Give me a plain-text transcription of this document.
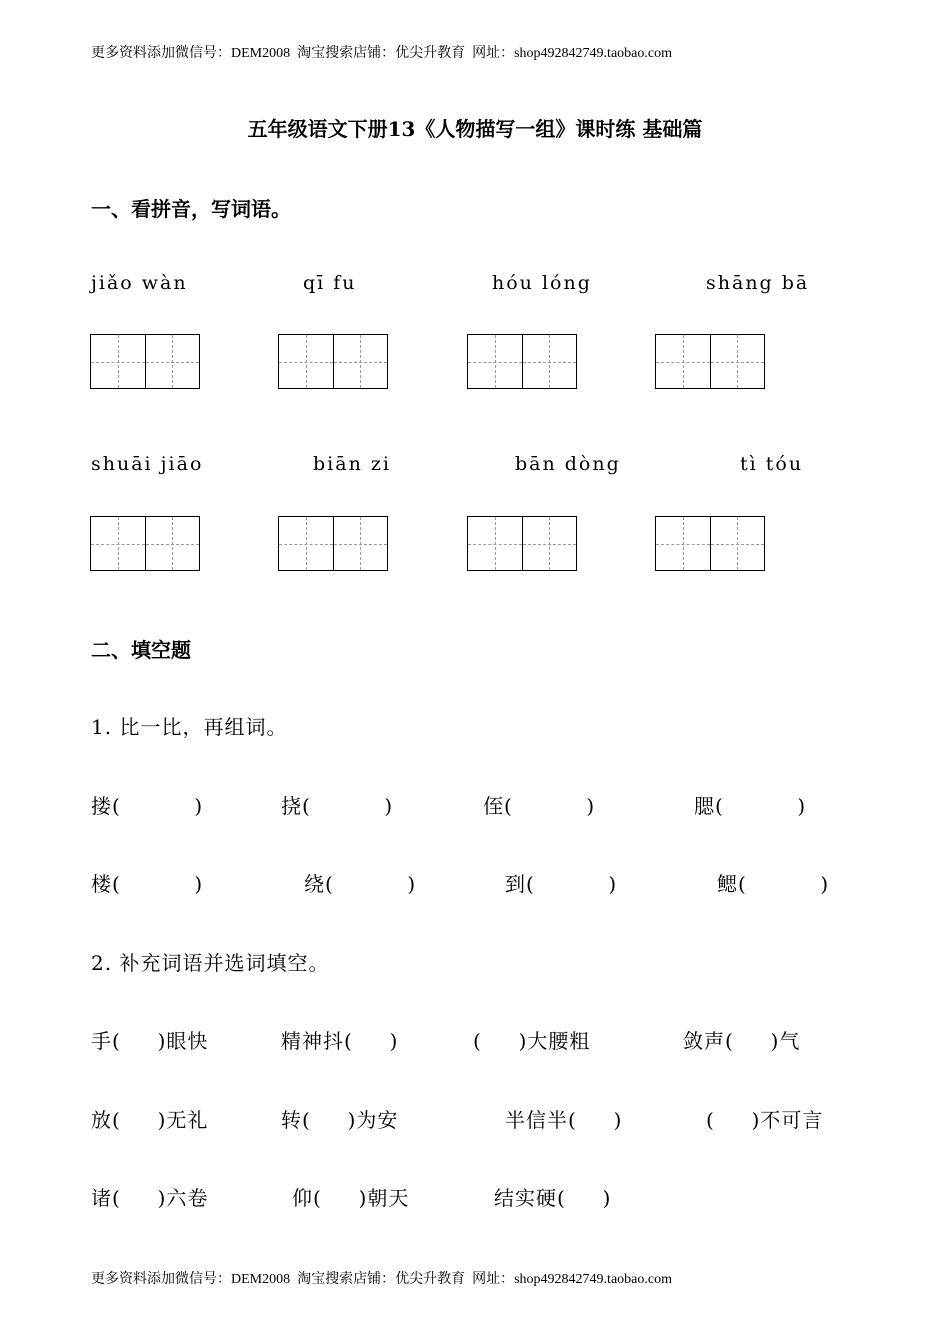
更多资料添加微信号：DEM2008  淘宝搜索店铺：优尖升教育  网址：shop492842749.taobao.com
五年级语文下册13《人物描写一组》课时练 基础篇
一、看拼音，写词语。
jiǎo wàn	qī fu	hóu lóng	shāng bā
shuāi jiāo	biān zi	bān dòng	tì tóu
二、填空题
1. 比一比，再组词。
搂(          )	挠(          )	侄(          )	腮(          )
楼(          )	绕(          )	到(          )	鳃(          )
2. 补充词语并选词填空。
手(     )眼快	精神抖(     )	(     )大腰粗	敛声(     )气
放(     )无礼	转(     )为安	半信半(     )	(     )不可言
诸(     )六卷	仰(     )朝天	结实硬(     )
更多资料添加微信号：DEM2008  淘宝搜索店铺：优尖升教育  网址：shop492842749.taobao.com
